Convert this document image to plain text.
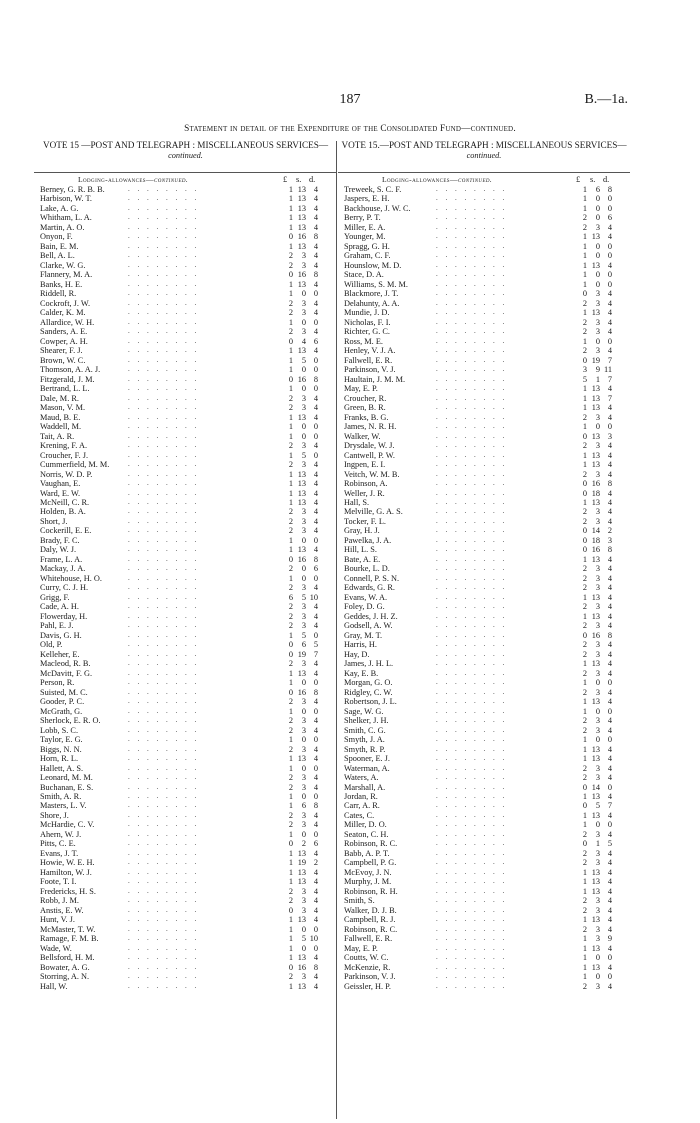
187	B.—1a.
Statement in detail of the Expenditure of the Consolidated Fund—continued.
VOTE 15 —POST AND TELEGRAPH : MISCELLANEOUS SERVICES—continued.
Lodging-allowances—continued.	£ s. d.
Berney, G. R. B. B.	. . . . . . . .	1 13 4
Harbison, W. T.	. . . . . . . .	1 13 4
Lake, A. G.	. . . . . . . .	1 13 4
Whitham, L. A.	. . . . . . . .	1 13 4
Martin, A. O.	. . . . . . . .	1 13 4
Onyon, F.	. . . . . . . .	0 16 8
Bain, E. M.	. . . . . . . .	1 13 4
Bell, A. L.	. . . . . . . .	2	3 4
Clarke, W. G.	. . . . . . . .	2	3 4
Flannery, M. A.	. . . . . . . .	0 16 8
Banks, H. E.	. . . . . . . .	1 13 4
Riddell, R.	. . . . . . . .	1	0 0
Cockroft, J. W.	. . . . . . . .	2	3 4
Calder, K. M.	. . . . . . . .	2	3 4
Allardice, W. H.	. . . . . . . .	1	0 0
Sanders, A. E.	. . . . . . . .	2	3 4
Cowper, A. H.	. . . . . . . .	0	4 6
Shearer, F. J.	. . . . . . . .	1 13 4
Brown, W. C.	. . . . . . . .	1	5 0
Thomson, A. A. J.	. . . . . . . .	1	0 0
Fitzgerald, J. M.	. . . . . . . .	0 16 8
Bertrand, L. L.	. . . . . . . .	1	0 0
Dale, M. R.	. . . . . . . .	2	3 4
Mason, V. M.	. . . . . . . .	2	3 4
Maud, B. E.	. . . . . . . .	1 13 4
Waddell, M.	. . . . . . . .	1	0 0
Tait, A. R.	. . . . . . . .	1	0 0
Krening, F. A.	. . . . . . . .	2	3 4
Croucher, F. J.	. . . . . . . .	1	5 0
Cummerfield, M. M.	. . . . . . . .	2	3 4
Norris, W. D. P.	. . . . . . . .	1 13 4
Vaughan, E.	. . . . . . . .	1 13 4
Ward, E. W.	. . . . . . . .	1 13 4
McNeill, C. R.	. . . . . . . .	1 13 4
Holden, B. A.	. . . . . . . .	2	3 4
Short, J.	. . . . . . . .	2	3 4
Cockerill, E. E.	. . . . . . . .	2	3 4
Brady, F. C.	. . . . . . . .	1	0 0
Daly, W. J.	. . . . . . . .	1 13 4
Frame, L. A.	. . . . . . . .	0 16 8
Mackay, J. A.	. . . . . . . .	2	0 6
Whitehouse, H. O.	. . . . . . . .	1	0 0
Curry, C. J. H.	. . . . . . . .	2	3 4
Grigg, F.	. . . . . . . .	6	5 10
Cade, A. H.	. . . . . . . .	2	3 4
Flowerday, H.	. . . . . . . .	2	3 4
Pahl, E. J.	. . . . . . . .	2	3 4
Davis, G. H.	. . . . . . . .	1	5 0
Old, P.	. . . . . . . .	0	6 5
Kelleher, E.	. . . . . . . .	0 19 7
Macleod, R. B.	. . . . . . . .	2	3 4
McDavitt, F. G.	. . . . . . . .	1 13 4
Person, R.	. . . . . . . .	1	0 0
Suisted, M. C.	. . . . . . . .	0 16 8
Gooder, P. C.	. . . . . . . .	2	3 4
McGrath, G.	. . . . . . . .	1	0 0
Sherlock, E. R. O.	. . . . . . . .	2	3 4
Lobb, S. C.	. . . . . . . .	2	3 4
Taylor, E. G.	. . . . . . . .	1	0 0
Biggs, N. N.	. . . . . . . .	2	3 4
Horn, R. L.	. . . . . . . .	1 13 4
Hallett, A. S.	. . . . . . . .	1	0 0
Leonard, M. M.	. . . . . . . .	2	3 4
Buchanan, E. S.	. . . . . . . .	2	3 4
Smith, A. R.	. . . . . . . .	1	0 0
Masters, L. V.	. . . . . . . .	1	6 8
Shore, J.	. . . . . . . .	2	3 4
McHardie, C. V.	. . . . . . . .	2	3 4
Ahern, W. J.	. . . . . . . .	1	0 0
Pitts, C. E.	. . . . . . . .	0	2 6
Evans, J. T.	. . . . . . . .	1 13 4
Howie, W. E. H.	. . . . . . . .	1 19 2
Hamilton, W. J.	. . . . . . . .	1 13 4
Foote, T. I.	. . . . . . . .	1 13 4
Fredericks, H. S.	. . . . . . . .	2	3 4
Robb, J. M.	. . . . . . . .	2	3 4
Anstis, E. W.	. . . . . . . .	0	3 4
Hunt, V. J.	. . . . . . . .	1 13 4
McMaster, T. W.	. . . . . . . .	1	0 0
Ramage, F. M. B.	. . . . . . . .	1	5 10
Wade, W.	. . . . . . . .	1	0 0
Bellsford, H. M.	. . . . . . . .	1 13 4
Bowater, A. G.	. . . . . . . .	0 16 8
Storring, A. N.	. . . . . . . .	2	3 4
Hall, W.	. . . . . . . .	1 13 4
VOTE 15.—POST AND TELEGRAPH : MISCELLANEOUS SERVICES—continued.
Lodging-allowances—continued.	£ s. d.
Treweek, S. C. F.	. . . . . . . .	1	6 8
Jaspers, E. H.	. . . . . . . .	1	0 0
Backhouse, J. W. C.	. . . . . . . .	1	0 0
Berry, P. T.	. . . . . . . .	2	0 6
Miller, E. A.	. . . . . . . .	2	3 4
Younger, M.	. . . . . . . .	1 13 4
Spragg, G. H.	. . . . . . . .	1	0 0
Graham, C. F.	. . . . . . . .	1	0 0
Hounslow, M. D.	. . . . . . . .	1 13 4
Stace, D. A.	. . . . . . . .	1	0 0
Williams, S. M. M.	. . . . . . . .	1	0 0
Blackmore, J. T.	. . . . . . . .	0	3 4
Delahunty, A. A.	. . . . . . . .	2	3 4
Mundie, J. D.	. . . . . . . .	1 13 4
Nicholas, F. I.	. . . . . . . .	2	3 4
Richter, G. C.	. . . . . . . .	2	3 4
Ross, M. E.	. . . . . . . .	1	0 0
Henley, V. J. A.	. . . . . . . .	2	3 4
Fallwell, E. R.	. . . . . . . .	0 19 7
Parkinson, V. J.	. . . . . . . .	3	9 11
Haultain, J. M. M.	. . . . . . . .	5	1 7
May, E. P.	. . . . . . . .	1 13 4
Croucher, R.	. . . . . . . .	1 13 7
Green, B. R.	. . . . . . . .	1 13 4
Franks, B. G.	. . . . . . . .	2	3 4
James, N. R. H.	. . . . . . . .	1	0 0
Walker, W.	. . . . . . . .	0 13 3
Drysdale, W. J.	. . . . . . . .	2	3 4
Cantwell, P. W.	. . . . . . . .	1 13 4
Ingpen, E. I.	. . . . . . . .	1 13 4
Veitch, W. M. B.	. . . . . . . .	2	3 4
Robinson, A.	. . . . . . . .	0 16 8
Weller, J. R.	. . . . . . . .	0 18 4
Hall, S.	. . . . . . . .	1 13 4
Melville, G. A. S.	. . . . . . . .	2	3 4
Tocker, F. L.	. . . . . . . .	2	3 4
Gray, H. J.	. . . . . . . .	0 14 2
Pawelka, J. A.	. . . . . . . .	0 18 3
Hill, L. S.	. . . . . . . .	0 16 8
Bate, A. E.	. . . . . . . .	1 13 4
Bourke, L. D.	. . . . . . . .	2	3 4
Connell, P. S. N.	. . . . . . . .	2	3 4
Edwards, G. R.	. . . . . . . .	2	3 4
Evans, W. A.	. . . . . . . .	1 13 4
Foley, D. G.	. . . . . . . .	2	3 4
Geddes, J. H. Z.	. . . . . . . .	1 13 4
Godsell, A. W.	. . . . . . . .	2	3 4
Gray, M. T.	. . . . . . . .	0 16 8
Harris, H.	. . . . . . . .	2	3 4
Hay, D.	. . . . . . . .	2	3 4
James, J. H. L.	. . . . . . . .	1 13 4
Kay, E. B.	. . . . . . . .	2	3 4
Morgan, G. O.	. . . . . . . .	1	0 0
Ridgley, C. W.	. . . . . . . .	2	3 4
Robertson, J. L.	. . . . . . . .	1 13 4
Sage, W. G.	. . . . . . . .	1	0 0
Shelker, J. H.	. . . . . . . .	2	3 4
Smith, C. G.	. . . . . . . .	2	3 4
Smyth, J. A.	. . . . . . . .	1	0 0
Smyth, R. P.	. . . . . . . .	1 13 4
Spooner, E. J.	. . . . . . . .	1 13 4
Waterman, A.	. . . . . . . .	2	3 4
Waters, A.	. . . . . . . .	2	3 4
Marshall, A.	. . . . . . . .	0 14 0
Jordan, R.	. . . . . . . .	1 13 4
Carr, A. R.	. . . . . . . .	0	5 7
Cates, C.	. . . . . . . .	1 13 4
Miller, D. O.	. . . . . . . .	1	0 0
Seaton, C. H.	. . . . . . . .	2	3 4
Robinson, R. C.	. . . . . . . .	0	1 5
Babb, A. P. T.	. . . . . . . .	2	3 4
Campbell, P. G.	. . . . . . . .	2	3 4
McEvoy, J. N.	. . . . . . . .	1 13 4
Murphy, J. M.	. . . . . . . .	1 13 4
Robinson, R. H.	. . . . . . . .	1 13 4
Smith, S.	. . . . . . . .	2	3 4
Walker, D. J. B.	. . . . . . . .	2	3 4
Campbell, R. J.	. . . . . . . .	1 13 4
Robinson, R. C.	. . . . . . . .	2	3 4
Fallwell, E. R.	. . . . . . . .	1	3 9
May, E. P.	. . . . . . . .	1 13 4
Coutts, W. C.	. . . . . . . .	1	0 0
McKenzie, R.	. . . . . . . .	1 13 4
Parkinson, V. J.	. . . . . . . .	1	0 0
Geissler, H. P.	. . . . . . . .	2	3 4
